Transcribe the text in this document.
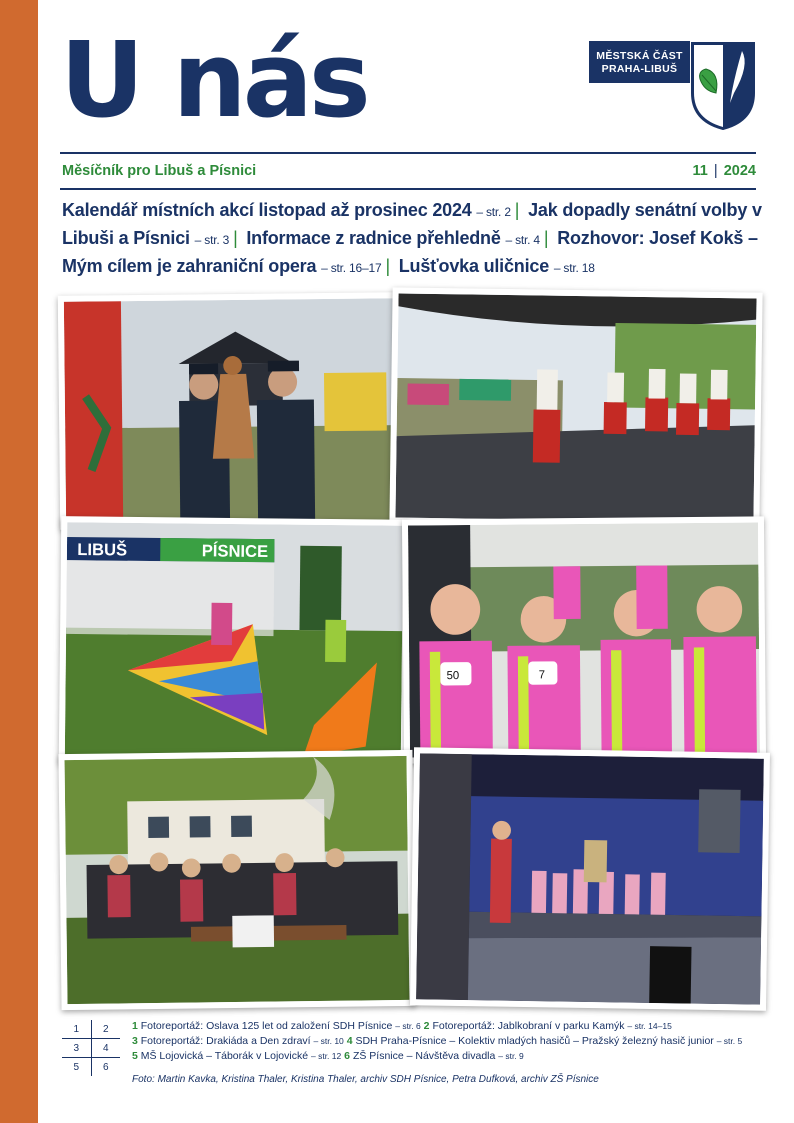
U nás	MĚSTSKÁ ČÁST
PRAHA-LIBUŠ
Měsíčník pro Libuš a Písnici	11 | 2024
Kalendář místních akcí listopad až prosinec 2024 – str. 2 | Jak dopadly senátní volby v Libuši a Písnici – str. 3 | Informace z radnice přehledně – str. 4 | Rozhovor: Josef Kokš – Mým cílem je zahraniční opera – str. 16–17 | Lušťovka uličnice – str. 18
LIBUŠ	PÍSNICE
50	7
1	2
3	4
5	6
1 Fotoreportáž: Oslava 125 let od založení SDH Písnice – str. 6 2 Fotoreportáž: Jablkobraní v parku Kamýk – str. 14–15
3 Fotoreportáž: Drakiáda a Den zdraví – str. 10 4 SDH Praha-Písnice – Kolektiv mladých hasičů – Pražský železný hasič junior – str. 5
5 MŠ Lojovická – Táborák v Lojovické – str. 12 6 ZŠ Písnice – Návštěva divadla – str. 9
Foto: Martin Kavka, Kristina Thaler, Kristina Thaler, archiv SDH Písnice, Petra Dufková, archiv ZŠ Písnice
